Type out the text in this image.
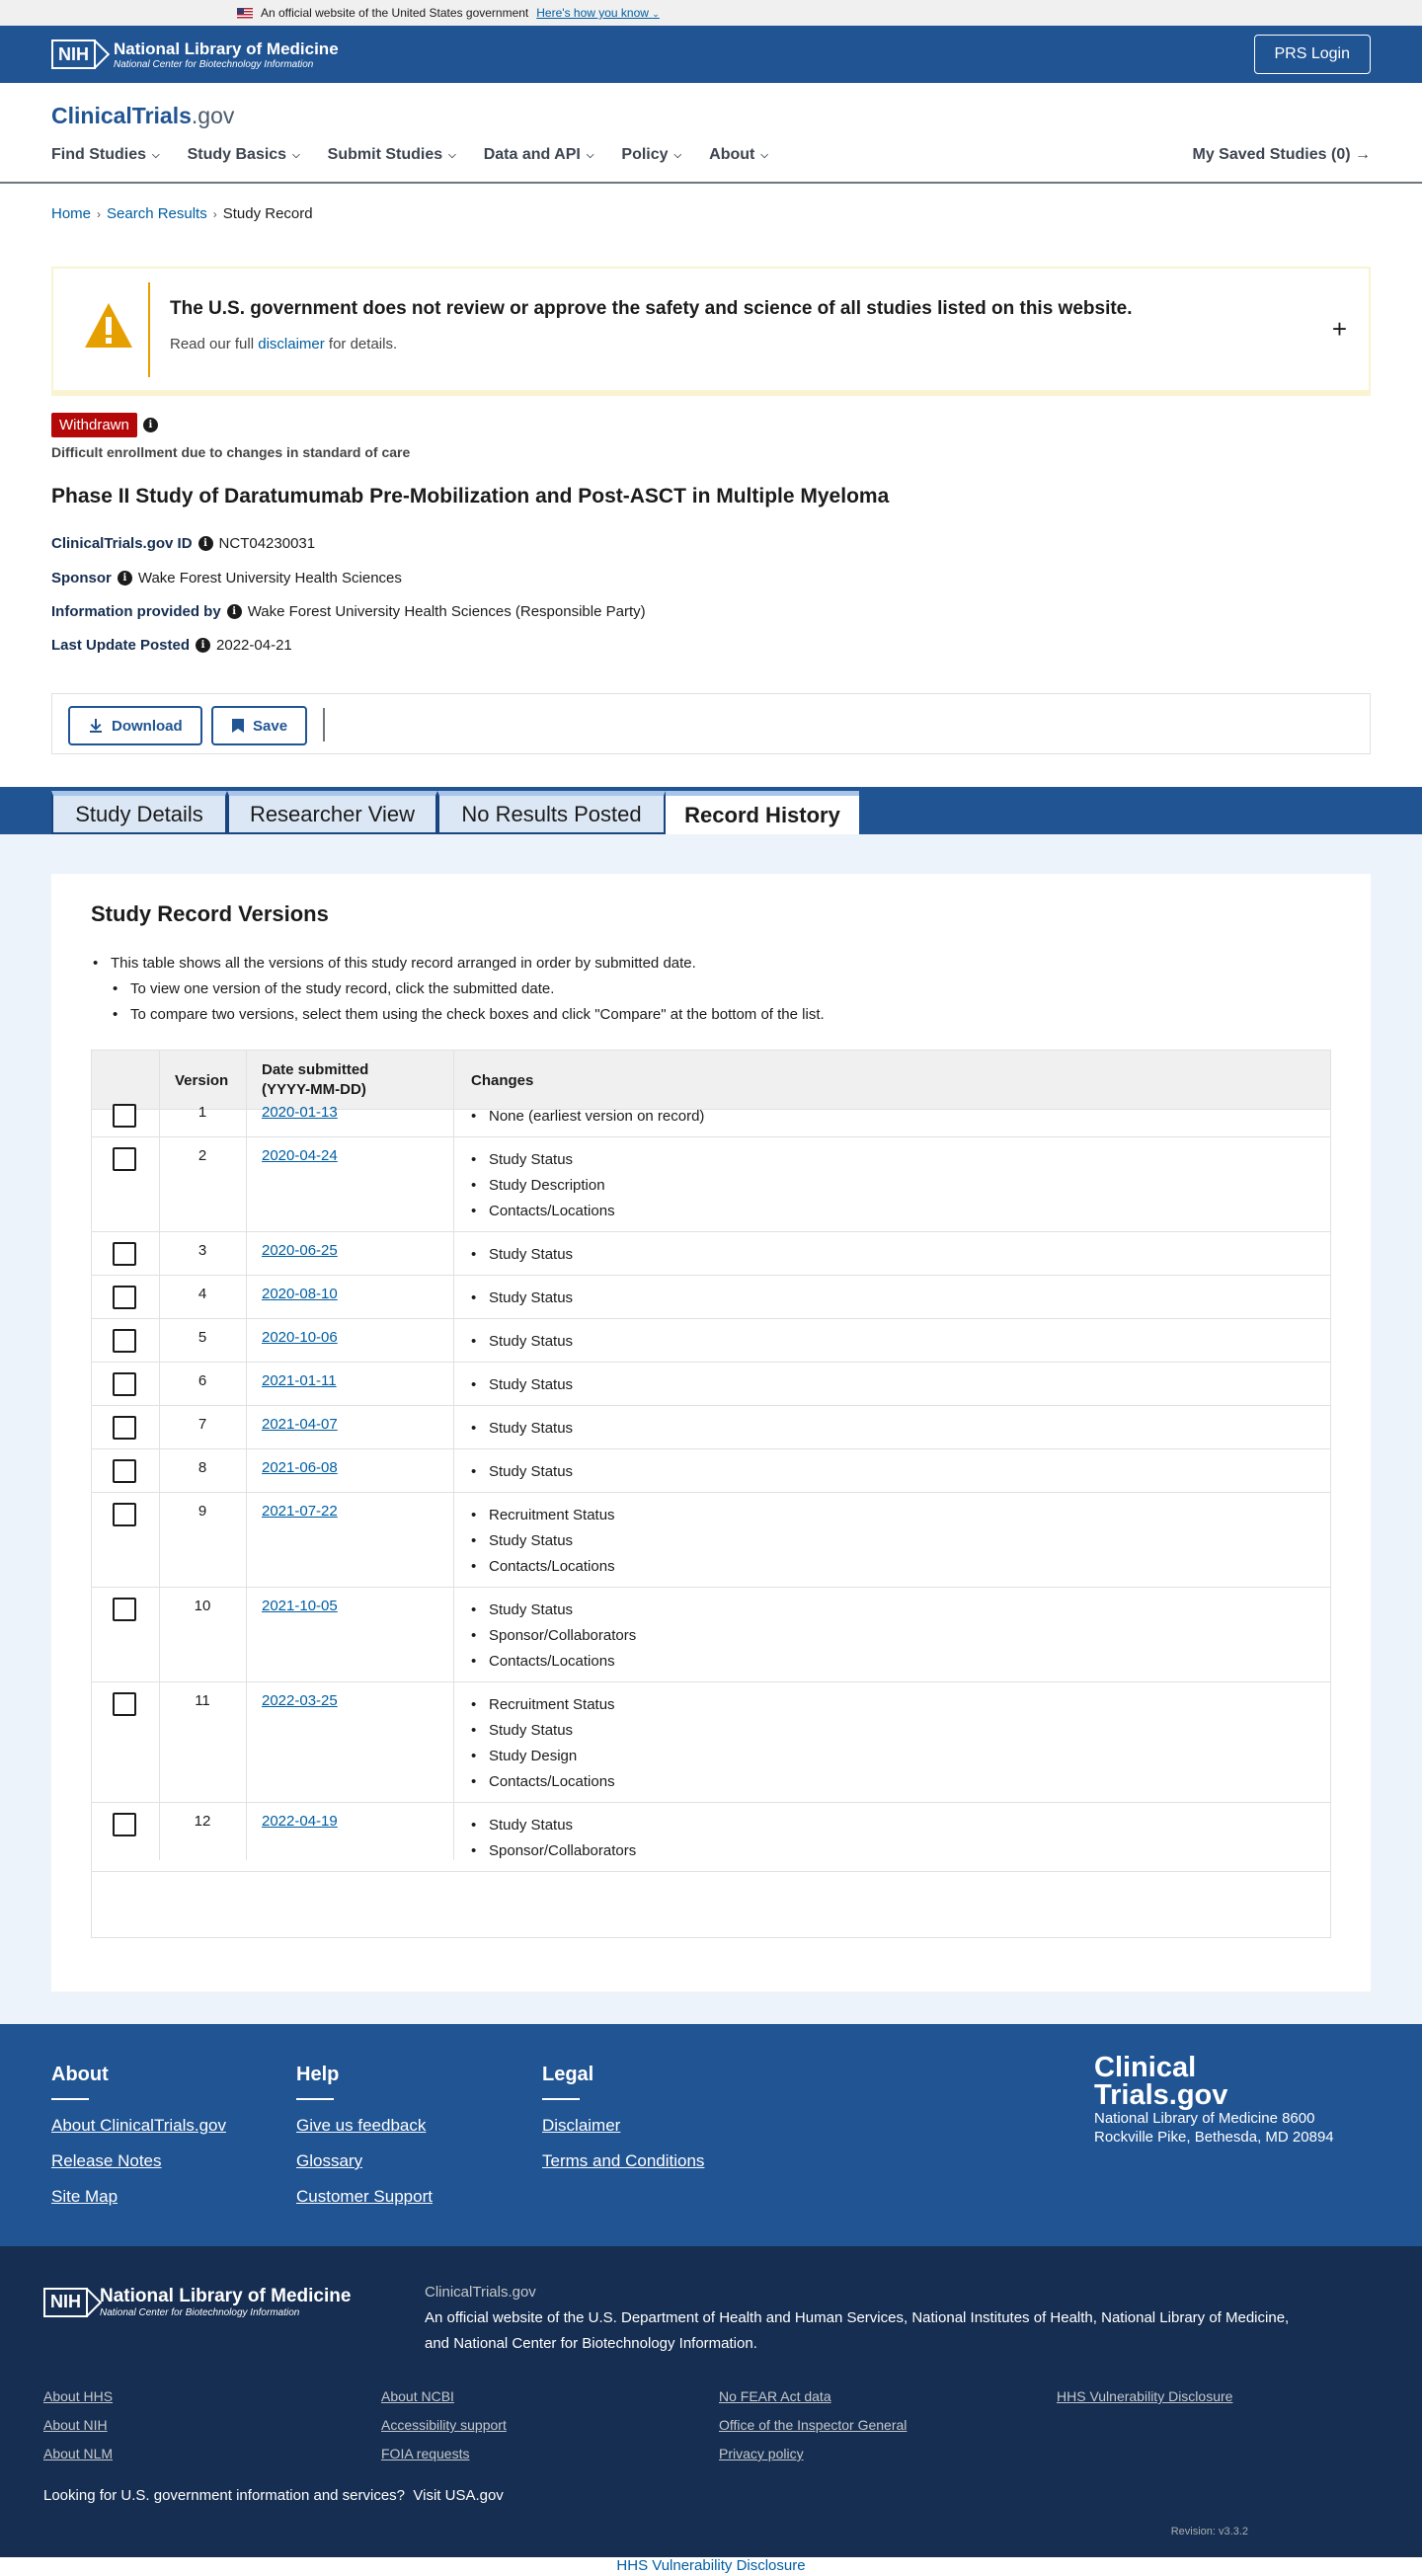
An official website of the United States government Here's how you know ⌄
NIH	National Library of Medicine
National Center for Biotechnology Information
PRS Login
ClinicalTrials.gov
Find Studies ⌵ Study Basics ⌵ Submit Studies ⌵ Data and API ⌵ Policy ⌵ About ⌵	My Saved Studies (0) →
Home › Search Results › Study Record
The U.S. government does not review or approve the safety and science of all studies listed on this website.
Read our full disclaimer for details.
+
Withdrawn	i
Difficult enrollment due to changes in standard of care
Phase II Study of Daratumumab Pre-Mobilization and Post-ASCT in Multiple Myeloma
ClinicalTrials.gov ID	i NCT04230031
Sponsor	i Wake Forest University Health Sciences
Information provided by	i Wake Forest University Health Sciences (Responsible Party)
Last Update Posted	i 2022-04-21
Download	Save
Study Details	Researcher View	No Results Posted	Record History
Study Record Versions
• This table shows all the versions of this study record arranged in order by submitted date.
• To view one version of the study record, click the submitted date.
• To compare two versions, select them using the check boxes and click "Compare" at the bottom of the list.
Version
Date submitted
(YYYY-MM-DD)
Changes
1	2020-01-13	• None (earliest version on record)
2	2020-04-24	• Study Status
• Study Description
• Contacts/Locations
3	2020-06-25	• Study Status
4	2020-08-10	• Study Status
5	2020-10-06	• Study Status
6	2021-01-11	• Study Status
7	2021-04-07	• Study Status
8	2021-06-08	• Study Status
9	2021-07-22	• Recruitment Status
• Study Status
• Contacts/Locations
10	2021-10-05	• Study Status
• Sponsor/Collaborators
• Contacts/Locations
11	2022-03-25	• Recruitment Status
• Study Status
• Study Design
• Contacts/Locations
12	2022-04-19	• Study Status
• Sponsor/Collaborators
About
About ClinicalTrials.gov
Release Notes
Site Map
Help
Give us feedback
Glossary
Customer Support
Legal
Disclaimer
Terms and Conditions
Clinical
Trials.gov
National Library of Medicine 8600 Rockville Pike, Bethesda, MD 20894
NIH	National Library of Medicine
National Center for Biotechnology Information
ClinicalTrials.gov
An official website of the U.S. Department of Health and Human Services, National Institutes of Health, National Library of Medicine,
and National Center for Biotechnology Information.
About HHS
About NIH
About NLM
About NCBI
Accessibility support
FOIA requests
No FEAR Act data
Office of the Inspector General
Privacy policy
HHS Vulnerability Disclosure
Looking for U.S. government information and services? Visit USA.gov
Revision: v3.3.2
HHS Vulnerability Disclosure
